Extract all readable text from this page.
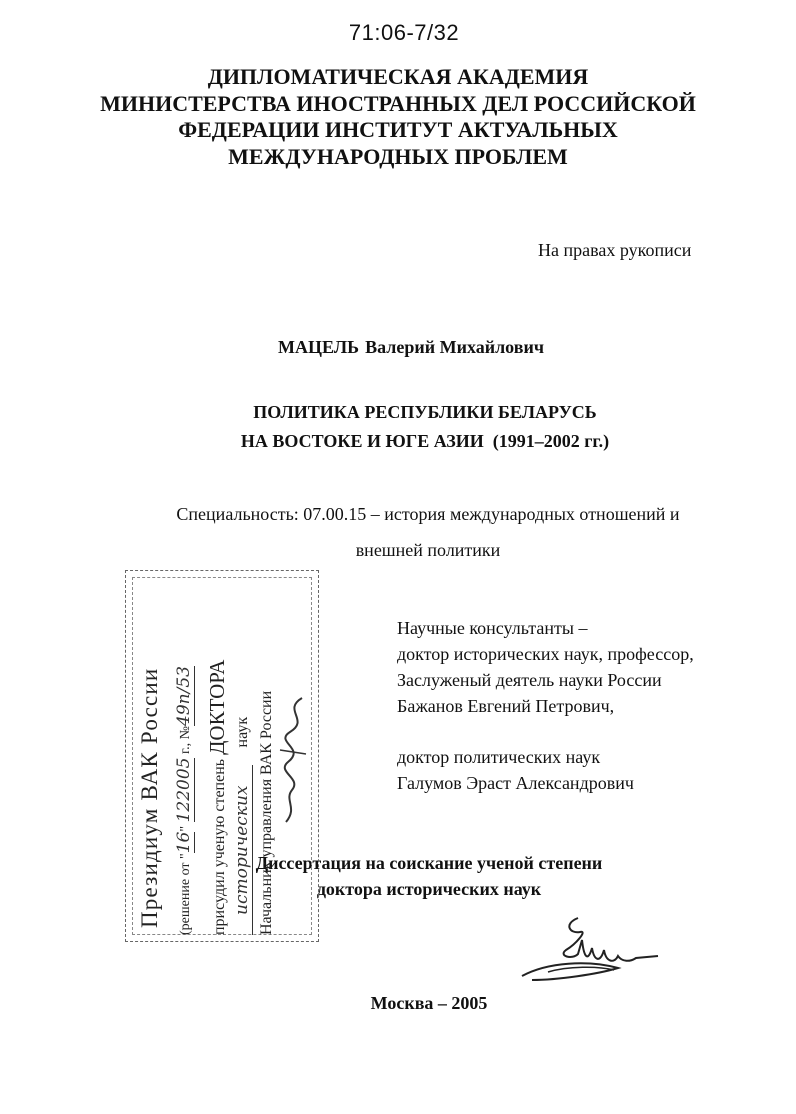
71:06-7/32
ДИПЛОМАТИЧЕСКАЯ АКАДЕМИЯ
МИНИСТЕРСТВА ИНОСТРАННЫХ ДЕЛ РОССИЙСКОЙ
ФЕДЕРАЦИИ ИНСТИТУТ АКТУАЛЬНЫХ
МЕЖДУНАРОДНЫХ ПРОБЛЕМ
На правах рукописи
МАЦЕЛЬ Валерий Михайлович
ПОЛИТИКА РЕСПУБЛИКИ БЕЛАРУСЬ
НА ВОСТОКЕ И ЮГЕ АЗИИ  (1991–2002 гг.)
Специальность: 07.00.15 – история международных отношений и
внешней политики
Научные консультанты –
доктор исторических наук, профессор,
Заслуженый деятель науки России
Бажанов Евгений Петрович,
доктор политических наук
Галумов Эраст Александрович
Диссертация на соискание ученой степени
доктора исторических наук
Москва – 2005
Президиум ВАК России (решение от "16" 122005 г., №49п/53
присудил ученую степень ДОКТОРА
историческихнаук Начальник управления ВАК России
